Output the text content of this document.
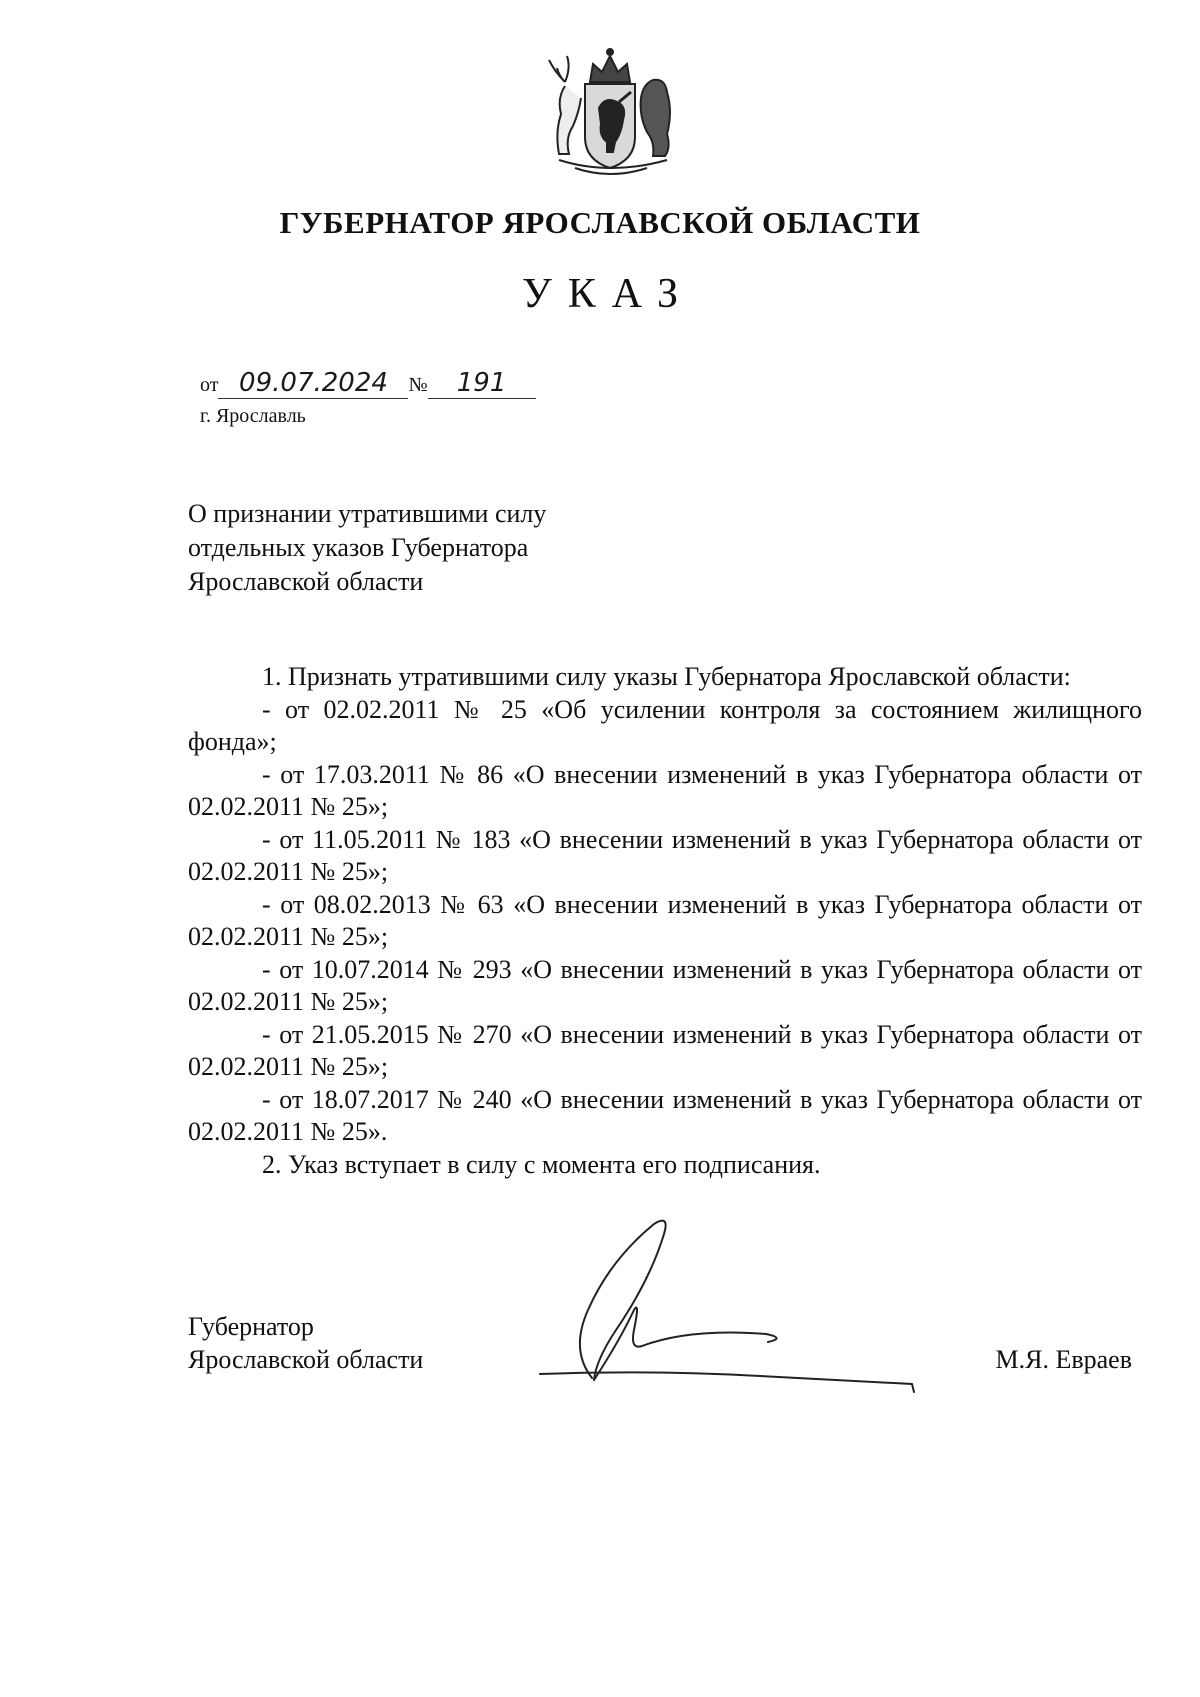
ГУБЕРНАТОР ЯРОСЛАВСКОЙ ОБЛАСТИ
УКАЗ
от 09.07.2024 № 191
г. Ярославль
О признании утратившими силу
отдельных указов Губернатора
Ярославской области

1. Признать утратившими силу указы Губернатора Ярославской области:

- от 02.02.2011 № 25 «Об усилении контроля за состоянием жилищного фонда»;

- от 17.03.2011 № 86 «О внесении изменений в указ Губернатора области от 02.02.2011 № 25»;

- от 11.05.2011 № 183 «О внесении изменений в указ Губернатора области от 02.02.2011 № 25»;

- от 08.02.2013 № 63 «О внесении изменений в указ Губернатора области от 02.02.2011 № 25»;

- от 10.07.2014 № 293 «О внесении изменений в указ Губернатора области от 02.02.2011 № 25»;

- от 21.05.2015 № 270 «О внесении изменений в указ Губернатора области от 02.02.2011 № 25»;

- от 18.07.2017 № 240 «О внесении изменений в указ Губернатора области от 02.02.2011 № 25».

2. Указ вступает в силу с момента его подписания.

Губернатор
Ярославской области	М.Я. Евраев
